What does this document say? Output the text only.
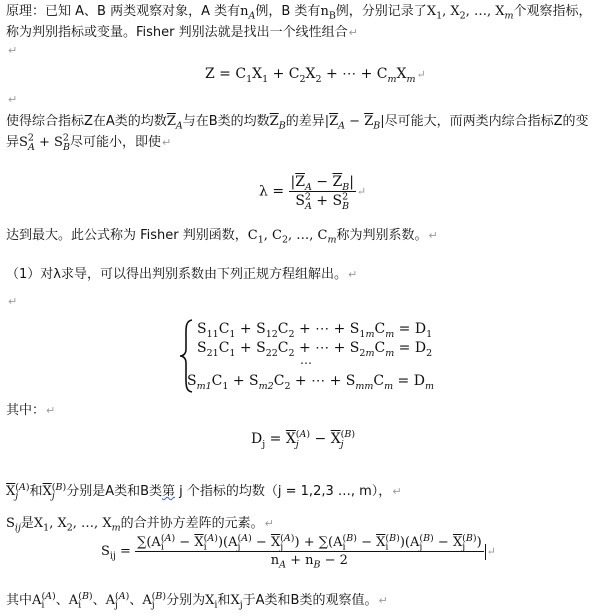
原理：已知 A、B 两类观察对象，A 类有$n_A$例，B 类有$n_B$例，分别记录了$X_1$, $X_2$, …, $X_m$个观察指标，称为判别指标或变量。Fisher 判别法就是找出一个线性组合↵
↵
$Z = C_1X_1 + C_2X_2$ + ⋯ + $C_mX_m↵$
↵
使得综合指标Z在A类的均数$\overline{Z}_A$与在B类的均数$\overline{Z}_B$的差异$|\overline{Z}_A - \overline{Z}_B|$尽可能大，而两类内综合指标Z的变异$S^2_A + S^2_B$尽可能小，即使↵
$\lambda = \frac{|\overline{Z}_A - \overline{Z}_B|}{S^2_A + S^2_B}$ ↵
达到最大。此公式称为 Fisher 判别函数，$C_1$, $C_2$, …, $C_m$称为判别系数。↵
（1）对λ求导，可以得出判别系数由下列正规方程组解出。↵
↵
$S_{11}C_1 + S_{12}C_2$ + ⋯ + $S_{1m}C_m = D_1$
$S_{21}C_1 + S_{22}C_2$ + ⋯ + $S_{2m}C_m = D_2$
…
$S_{m1}C_1 + S_{m2}C_2$ + ⋯ + $S_{mm}C_m = D_m$
其中：↵
$D_j = \overline{X}_j^{(A)} - \overline{X}_j^{(B)}$
$\overline{X}_j^{(A)}$和$\overline{X}_j^{(B)}$分别是A类和B类第 j 个指标的均数（j = 1,2,3 …, m），↵
$S_{ij}$是$X_1$, $X_2$, …, $X_m$的合并协方差阵的元素。↵
$S_{ij}$ =
$\sum(A_i^{(A)} - \overline{X}_i^{(A)})(A_j^{(A)} - \overline{X}_j^{(A)}) + \sum(A_i^{(B)} - \overline{X}_i^{(B)})(A_j^{(B)} - \overline{X}_j^{(B)})$
$n_A + n_B - 2$
↵
其中$A_i^{(A)}$、$A_i^{(B)}$、$A_j^{(A)}$、$A_j^{(B)}$分别为$X_i$和$X_j$于A类和B类的观察值。↵
